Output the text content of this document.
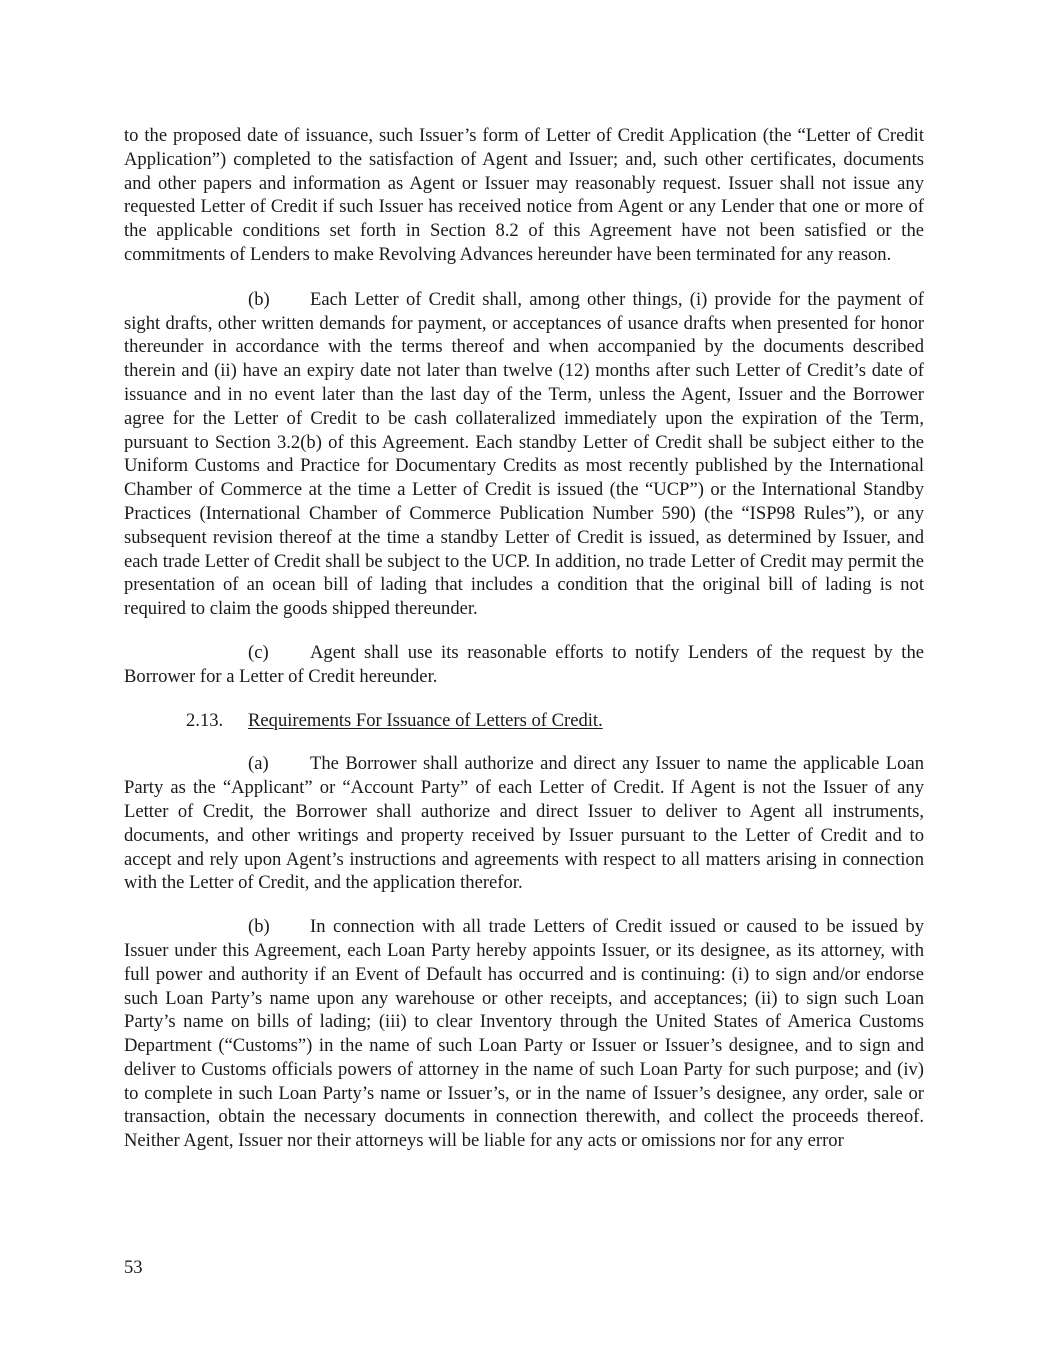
to the proposed date of issuance, such Issuer’s form of Letter of Credit Application (the “Letter of Credit Application”) completed to the satisfaction of Agent and Issuer; and, such other certificates, documents and other papers and information as Agent or Issuer may reasonably request. Issuer shall not issue any requested Letter of Credit if such Issuer has received notice from Agent or any Lender that one or more of the applicable conditions set forth in Section 8.2 of this Agreement have not been satisfied or the commitments of Lenders to make Revolving Advances hereunder have been terminated for any reason.

(b) Each Letter of Credit shall, among other things, (i) provide for the payment of sight drafts, other written demands for payment, or acceptances of usance drafts when presented for honor thereunder in accordance with the terms thereof and when accompanied by the documents described therein and (ii) have an expiry date not later than twelve (12) months after such Letter of Credit’s date of issuance and in no event later than the last day of the Term, unless the Agent, Issuer and the Borrower agree for the Letter of Credit to be cash collateralized immediately upon the expiration of the Term, pursuant to Section 3.2(b) of this Agreement. Each standby Letter of Credit shall be subject either to the Uniform Customs and Practice for Documentary Credits as most recently published by the International Chamber of Commerce at the time a Letter of Credit is issued (the “UCP”) or the International Standby Practices (International Chamber of Commerce Publication Number 590) (the “ISP98 Rules”), or any subsequent revision thereof at the time a standby Letter of Credit is issued, as determined by Issuer, and each trade Letter of Credit shall be subject to the UCP. In addition, no trade Letter of Credit may permit the presentation of an ocean bill of lading that includes a condition that the original bill of lading is not required to claim the goods shipped thereunder.

(c) Agent shall use its reasonable efforts to notify Lenders of the request by the Borrower for a Letter of Credit hereunder.

2.13. Requirements For Issuance of Letters of Credit.

(a) The Borrower shall authorize and direct any Issuer to name the applicable Loan Party as the “Applicant” or “Account Party” of each Letter of Credit. If Agent is not the Issuer of any Letter of Credit, the Borrower shall authorize and direct Issuer to deliver to Agent all instruments, documents, and other writings and property received by Issuer pursuant to the Letter of Credit and to accept and rely upon Agent’s instructions and agreements with respect to all matters arising in connection with the Letter of Credit, and the application therefor.

(b) In connection with all trade Letters of Credit issued or caused to be issued by Issuer under this Agreement, each Loan Party hereby appoints Issuer, or its designee, as its attorney, with full power and authority if an Event of Default has occurred and is continuing: (i) to sign and/or endorse such Loan Party’s name upon any warehouse or other receipts, and acceptances; (ii) to sign such Loan Party’s name on bills of lading; (iii) to clear Inventory through the United States of America Customs Department (“Customs”) in the name of such Loan Party or Issuer or Issuer’s designee, and to sign and deliver to Customs officials powers of attorney in the name of such Loan Party for such purpose; and (iv) to complete in such Loan Party’s name or Issuer’s, or in the name of Issuer’s designee, any order, sale or transaction, obtain the necessary documents in connection therewith, and collect the proceeds thereof. Neither Agent, Issuer nor their attorneys will be liable for any acts or omissions nor for any error

53
